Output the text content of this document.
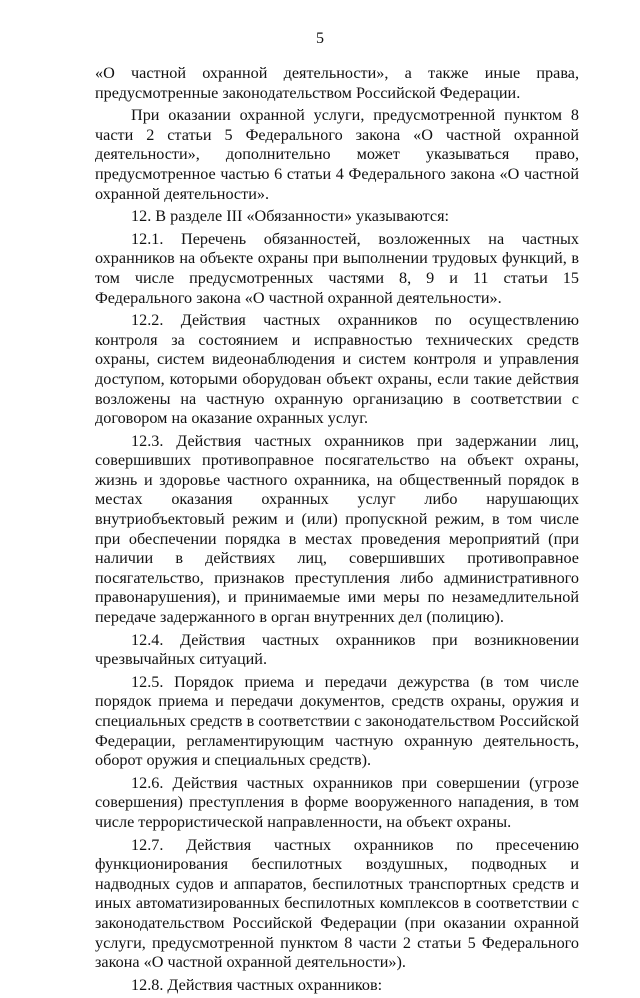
5

«О частной охранной деятельности», а также иные права, предусмотренные законодательством Российской Федерации.

При оказании охранной услуги, предусмотренной пунктом 8 части 2 статьи 5 Федерального закона «О частной охранной деятельности», дополнительно может указываться право, предусмотренное частью 6 статьи 4 Федерального закона «О частной охранной деятельности».

12. В разделе III «Обязанности» указываются:

12.1. Перечень обязанностей, возложенных на частных охранников на объекте охраны при выполнении трудовых функций, в том числе предусмотренных частями 8, 9 и 11 статьи 15 Федерального закона «О частной охранной деятельности».

12.2. Действия частных охранников по осуществлению контроля за состоянием и исправностью технических средств охраны, систем видеонаблюдения и систем контроля и управления доступом, которыми оборудован объект охраны, если такие действия возложены на частную охранную организацию в соответствии с договором на оказание охранных услуг.

12.3. Действия частных охранников при задержании лиц, совершивших противоправное посягательство на объект охраны, жизнь и здоровье частного охранника, на общественный порядок в местах оказания охранных услуг либо нарушающих внутриобъектовый режим и (или) пропускной режим, в том числе при обеспечении порядка в местах проведения мероприятий (при наличии в действиях лиц, совершивших противоправное посягательство, признаков преступления либо административного правонарушения), и принимаемые ими меры по незамедлительной передаче задержанного в орган внутренних дел (полицию).

12.4. Действия частных охранников при возникновении чрезвычайных ситуаций.

12.5. Порядок приема и передачи дежурства (в том числе порядок приема и передачи документов, средств охраны, оружия и специальных средств в соответствии с законодательством Российской Федерации, регламентирующим частную охранную деятельность, оборот оружия и специальных средств).

12.6. Действия частных охранников при совершении (угрозе совершения) преступления в форме вооруженного нападения, в том числе террористической направленности, на объект охраны.

12.7. Действия частных охранников по пресечению функционирования беспилотных воздушных, подводных и надводных судов и аппаратов, беспилотных транспортных средств и иных автоматизированных беспилотных комплексов в соответствии с законодательством Российской Федерации (при оказании охранной услуги, предусмотренной пунктом 8 части 2 статьи 5 Федерального закона «О частной охранной деятельности»).

12.8. Действия частных охранников:
